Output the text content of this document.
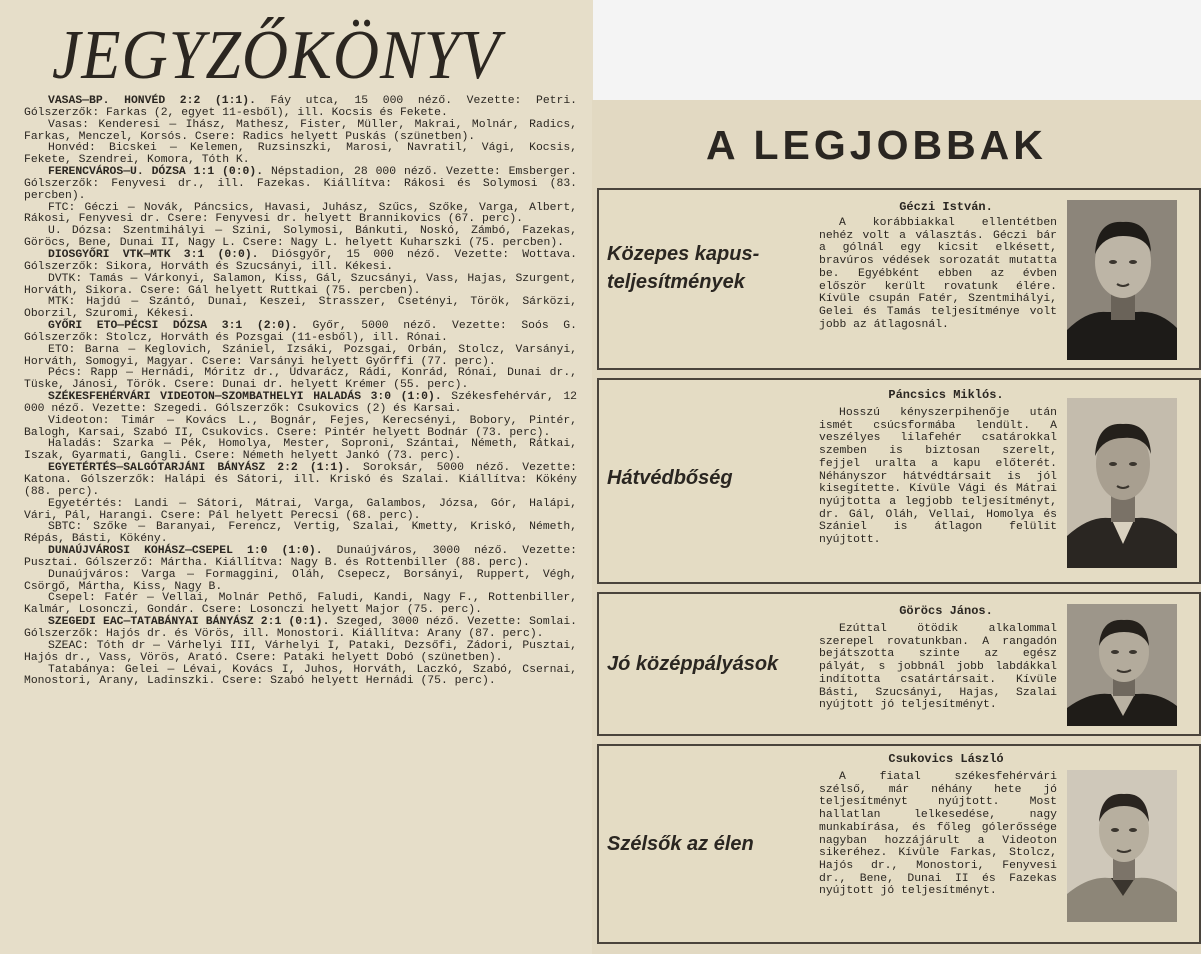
JEGYZŐKÖNYV

VASAS—BP. HONVÉD 2:2 (1:1). Fáy utca, 15 000 néző. Vezette: Petri. Gólszerzők: Farkas (2, egyet 11-esből), ill. Kocsis és Fekete.

Vasas: Kenderesi — Ihász, Mathesz, Fister, Müller, Makrai, Molnár, Radics, Farkas, Menczel, Korsós. Csere: Radics helyett Puskás (szünetben).

Honvéd: Bicskei — Kelemen, Ruzsinszki, Marosi, Navratil, Vági, Kocsis, Fekete, Szendrei, Komora, Tóth K.

FERENCVÁROS—U. DÓZSA 1:1 (0:0). Népstadion, 28 000 néző. Vezette: Emsberger. Gólszerzők: Fenyvesi dr., ill. Fazekas. Kiállítva: Rákosi és Solymosi (83. percben).

FTC: Géczi — Novák, Páncsics, Havasi, Juhász, Szűcs, Szőke, Varga, Albert, Rákosi, Fenyvesi dr. Csere: Fenyvesi dr. helyett Brannikovics (67. perc).

U. Dózsa: Szentmihályi — Szini, Solymosi, Bánkuti, Noskó, Zámbó, Fazekas, Göröcs, Bene, Dunai II, Nagy L. Csere: Nagy L. helyett Kuharszki (75. percben).

DIOSGYŐRI VTK—MTK 3:1 (0:0). Diósgyőr, 15 000 néző. Vezette: Wottava. Gólszerzők: Sikora, Horváth és Szucsányi, ill. Kékesi.

DVTK: Tamás — Várkonyi, Salamon, Kiss, Gál, Szucsányi, Vass, Hajas, Szurgent, Horváth, Sikora. Csere: Gál helyett Ruttkai (75. percben).

MTK: Hajdú — Szántó, Dunai, Keszei, Strasszer, Csetényi, Török, Sárközi, Oborzil, Szuromi, Kékesi.

GYŐRI ETO—PÉCSI DÓZSA 3:1 (2:0). Győr, 5000 néző. Vezette: Soós G. Gólszerzők: Stolcz, Horváth és Pozsgai (11-esből), ill. Rónai.

ETO: Barna — Keglovich, Szániel, Izsáki, Pozsgai, Orbán, Stolcz, Varsányi, Horváth, Somogyi, Magyar. Csere: Varsányi helyett Győrffi (77. perc).

Pécs: Rapp — Hernádi, Móritz dr., Udvarácz, Rádi, Konrád, Rónai, Dunai dr., Tüske, Jánosi, Török. Csere: Dunai dr. helyett Krémer (55. perc).

SZÉKESFEHÉRVÁRI VIDEOTON—SZOMBATHELYI HALADÁS 3:0 (1:0). Székesfehérvár, 12 000 néző. Vezette: Szegedi. Gólszerzők: Csukovics (2) és Karsai.

Videoton: Timár — Kovács L., Bognár, Fejes, Kerecsényi, Bobory, Pintér, Balogh, Karsai, Szabó II, Csukovics. Csere: Pintér helyett Bodnár (73. perc).

Haladás: Szarka — Pék, Homolya, Mester, Soproni, Szántai, Németh, Rátkai, Iszak, Gyarmati, Gangli. Csere: Németh helyett Jankó (73. perc).

EGYETÉRTÉS—SALGÓTARJÁNI BÁNYÁSZ 2:2 (1:1). Soroksár, 5000 néző. Vezette: Katona. Gólszerzők: Halápi és Sátori, ill. Kriskó és Szalai. Kiállítva: Kökény (88. perc).

Egyetértés: Landi — Sátori, Mátrai, Varga, Galambos, Józsa, Gór, Halápi, Vári, Pál, Harangi. Csere: Pál helyett Perecsi (68. perc).

SBTC: Szőke — Baranyai, Ferencz, Vertig, Szalai, Kmetty, Kriskó, Németh, Répás, Básti, Kökény.

DUNAÚJVÁROSI KOHÁSZ—CSEPEL 1:0 (1:0). Dunaújváros, 3000 néző. Vezette: Pusztai. Gólszerző: Mártha. Kiállítva: Nagy B. és Rottenbiller (88. perc).

Dunaújváros: Varga — Formaggini, Oláh, Csepecz, Borsányi, Ruppert, Végh, Csörgő, Mártha, Kiss, Nagy B.

Csepel: Fatér — Vellai, Molnár Pethő, Faludi, Kandi, Nagy F., Rottenbiller, Kalmár, Losonczi, Gondár. Csere: Losonczi helyett Major (75. perc).

SZEGEDI EAC—TATABÁNYAI BÁNYÁSZ 2:1 (0:1). Szeged, 3000 néző. Vezette: Somlai. Gólszerzők: Hajós dr. és Vörös, ill. Monostori. Kiállítva: Arany (87. perc).

SZEAC: Tóth dr — Várhelyi III, Várhelyi I, Pataki, Dezsőfi, Zádori, Pusztai, Hajós dr., Vass, Vörös, Arató. Csere: Pataki helyett Dobó (szünetben).

Tatabánya: Gelei — Lévai, Kovács I, Juhos, Horváth, Laczkó, Szabó, Csernai, Monostori, Arany, Ladinszki. Csere: Szabó helyett Hernádi (75. perc).

A LEGJOBBAK
Közepes kapus-teljesítmények
Géczi István.
A korábbiakkal ellentétben nehéz volt a választás. Géczi bár a gólnál egy kicsit elkésett, bravúros védések sorozatát mutatta be. Egyébként ebben az évben először került rovatunk élére. Kívüle csupán Fatér, Szentmihályi, Gelei és Tamás teljesítménye volt jobb az átlagosnál.
Hátvédbőség
Páncsics Miklós.
Hosszú kényszerpihenője után ismét csúcsformába lendült. A veszélyes lilafehér csatárokkal szemben is biztosan szerelt, fejjel uralta a kapu előterét. Néhányszor hátvédtársait is jól kisegítette. Kívüle Vági és Mátrai nyújtotta a legjobb teljesítményt, dr. Gál, Oláh, Vellai, Homolya és Szániel is átlagon felülit nyújtott.
Jó középpályások
Göröcs János.
Ezúttal ötödik alkalommal szerepel rovatunkban. A rangadón bejátszotta szinte az egész pályát, s jobbnál jobb labdákkal indította csatártársait. Kívüle Básti, Szucsányi, Hajas, Szalai nyújtott jó teljesítményt.
Szélsők az élen
Csukovics László
A fiatal székesfehérvári szélső, már néhány hete jó teljesítményt nyújtott. Most hallatlan lelkesedése, nagy munkabírása, és főleg gólerőssége nagyban hozzájárult a Videoton sikeréhez. Kívüle Farkas, Stolcz, Hajós dr., Monostori, Fenyvesi dr., Bene, Dunai II és Fazekas nyújtott jó teljesítményt.
